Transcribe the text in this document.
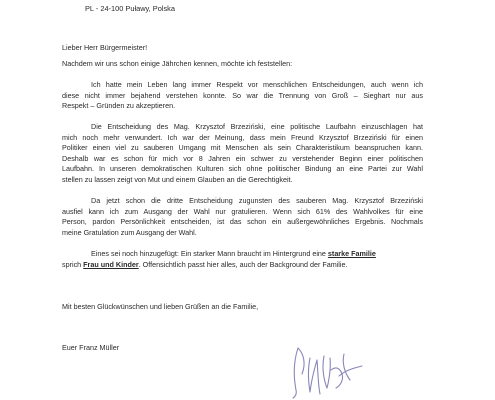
PL - 24-100 Puławy, Polska
Lieber Herr Bürgermeister!
Nachdem wir uns schon einige Jährchen kennen, möchte ich feststellen:
Ich hatte mein Leben lang immer Respekt vor menschlichen Entscheidungen, auch wenn ich
diese nicht immer bejahend verstehen konnte. So war die Trennung von Groß – Sieghart nur aus
Respekt – Gründen zu akzeptieren.
Die Entscheidung des Mag. Krzysztof Brzeziński, eine politische Laufbahn einzuschlagen hat
mich noch mehr verwundert. Ich war der Meinung, dass mein Freund Krzysztof Brzeziński für einen
Politiker einen viel zu sauberen Umgang mit Menschen als sein Charakteristikum beanspruchen kann.
Deshalb war es schon für mich vor 8 Jahren ein schwer zu verstehender Beginn einer politischen
Laufbahn. In unseren demokratischen Kulturen sich ohne politischer Bindung an eine Partei zur Wahl
stellen zu lassen zeigt von Mut und einem Glauben an die Gerechtigkeit.
Da jetzt schon die dritte Entscheidung zugunsten des sauberen Mag. Krzysztof Brzeziński
ausfiel kann ich zum Ausgang der Wahl nur gratulieren. Wenn sich 61% des Wahlvolkes für eine
Person, pardon Persönlichkeit entscheiden, ist das schon ein außergewöhnliches Ergebnis. Nochmals
meine Gratulation zum Ausgang der Wahl.
Eines sei noch hinzugefügt: Ein starker Mann braucht im Hintergrund eine starke Familie
sprich Frau und Kinder. Offensichtlich passt hier alles, auch der Background der Familie.
Mit besten Glückwünschen und lieben Grüßen an die Familie,
Euer Franz Müller
